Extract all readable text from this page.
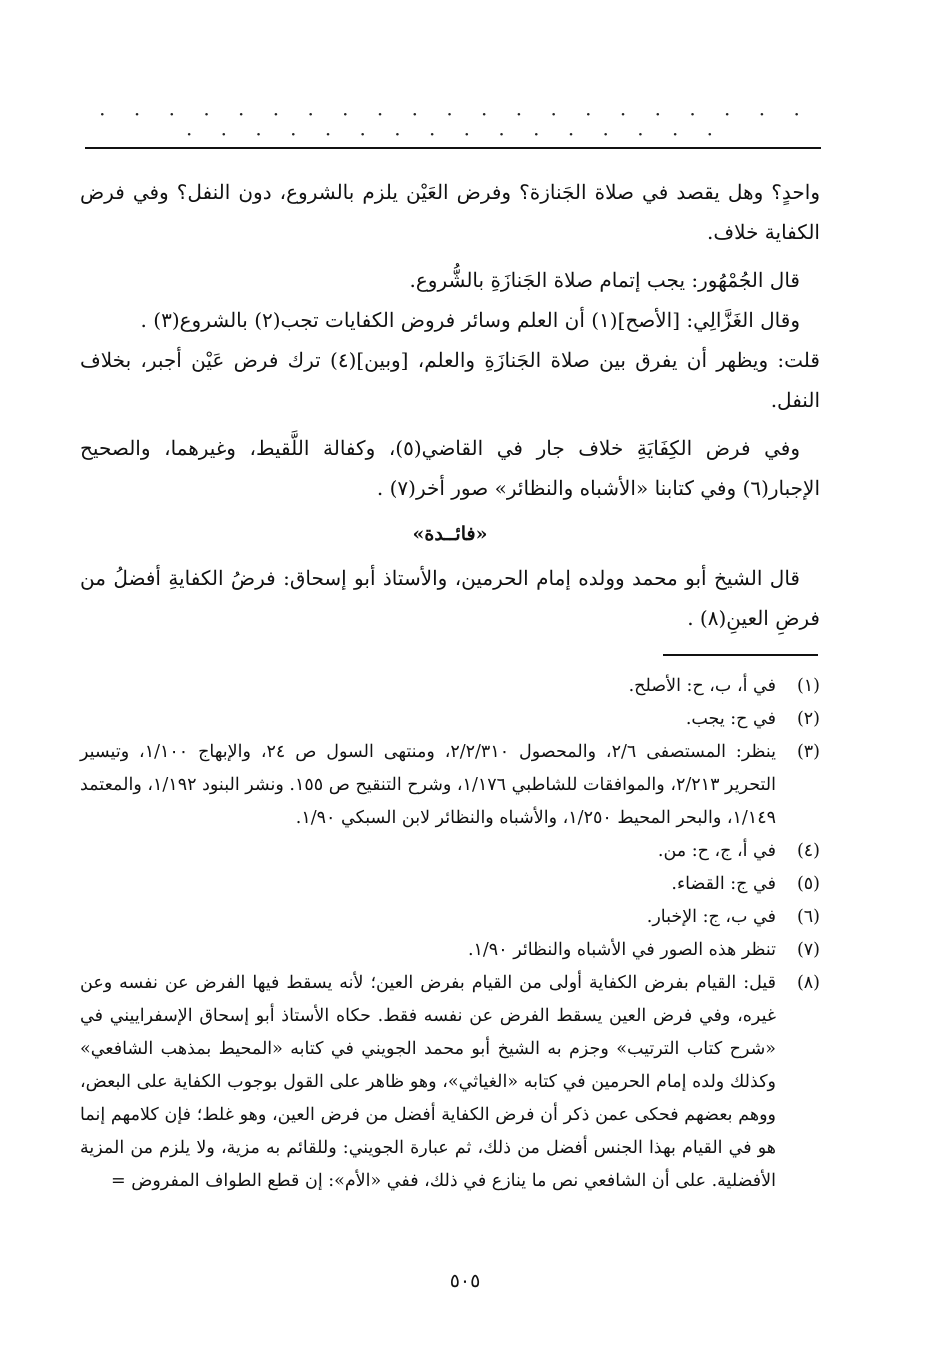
· · · · · · · · · · · · · · · · · · · · · · · · · · · · · · · · · · · · ·

واحدٍ؟ وهل يقصد في صلاة الجَنازة؟ وفرض العَيْن يلزم بالشروع، دون النفل؟ وفي فرض الكفاية خلاف.

قال الجُمْهُور: يجب إتمام صلاة الجَنازَةِ بالشُّروع.

وقال الغَزَّالِي: [الأصح](١) أن العلم وسائر فروض الكفايات تجب(٢) بالشروع(٣) .

قلت: ويظهر أن يفرق بين صلاة الجَنازَةِ والعلم، [وبين](٤) ترك فرض عَيْن أجبر، بخلاف النفل.

وفي فرض الكِفَايَةِ خلاف جار في القاضي(٥)، وكفالة اللَّقيط، وغيرهما، والصحيح الإجبار(٦) وفي كتابنا «الأشباه والنظائر» صور أخر(٧) .

«فائــدة»

قال الشيخ أبو محمد وولده إمام الحرمين، والأستاذ أبو إسحاق: فرضُ الكفايةِ أفضلُ من فرضِ العينِ(٨) .

(١)
في أ، ب، ح: الأصلح.
(٢)
في ح: يجب.
(٣)
ينظر: المستصفى ٢/٦، والمحصول ٢/٢/٣١٠، ومنتهى السول ص ٢٤، والإبهاج ١/١٠٠، وتيسير التحرير ٢/٢١٣، والموافقات للشاطبي ١/١٧٦، وشرح التنقيح ص ١٥٥. ونشر البنود ١/١٩٢، والمعتمد ١/١٤٩، والبحر المحيط ١/٢٥٠، والأشباه والنظائر لابن السبكي ١/٩٠.
(٤)
في أ، ج، ح: من.
(٥)
في ج: القضاء.
(٦)
في ب، ج: الإخبار.
(٧)
تنظر هذه الصور في الأشباه والنظائر ١/٩٠.
(٨)
قيل: القيام بفرض الكفاية أولى من القيام بفرض العين؛ لأنه يسقط فيها الفرض عن نفسه وعن غيره، وفي فرض العين يسقط الفرض عن نفسه فقط. حكاه الأستاذ أبو إسحاق الإسفراييني في «شرح كتاب الترتيب» وجزم به الشيخ أبو محمد الجويني في كتابه «المحيط بمذهب الشافعي» وكذلك ولده إمام الحرمين في كتابه «الغياثي»، وهو ظاهر على القول بوجوب الكفاية على البعض، ووهم بعضهم فحكى عمن ذكر أن فرض الكفاية أفضل من فرض العين، وهو غلط؛ فإن كلامهم إنما هو في القيام بهذا الجنس أفضل من ذلك، ثم عبارة الجويني: وللقائم به مزية، ولا يلزم من المزية الأفضلية. على أن الشافعي نص ما ينازع في ذلك، ففي «الأم»: إن قطع الطواف المفروض =
٥٠٥
